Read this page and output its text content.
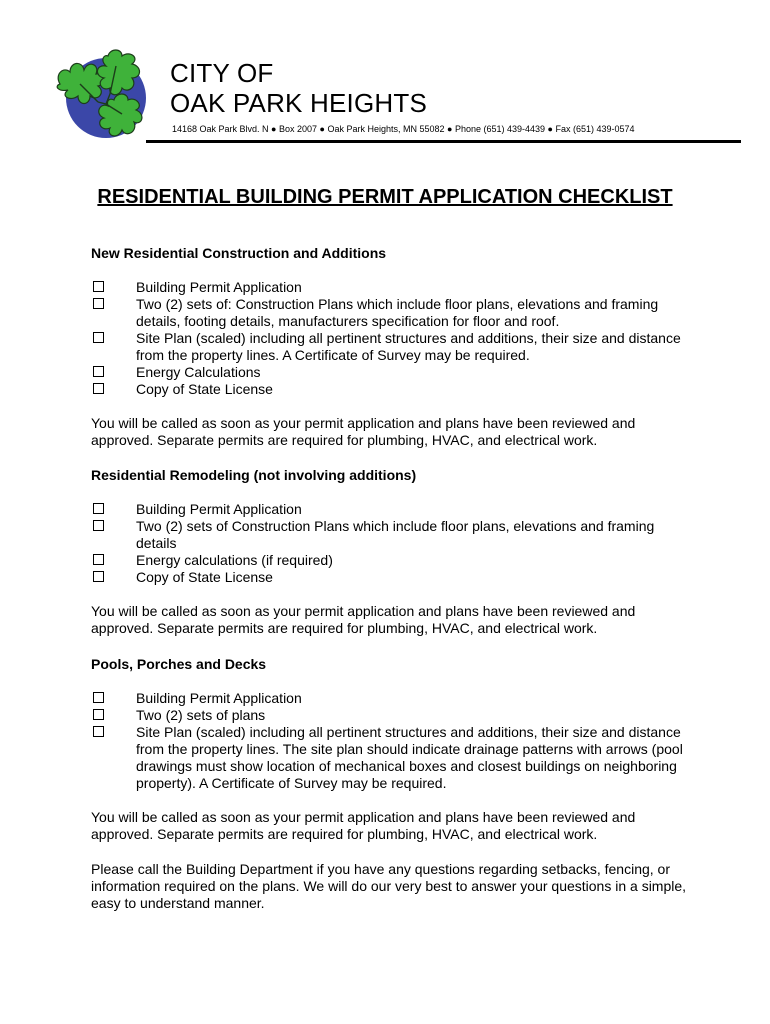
CITY OF
OAK PARK HEIGHTS
14168 Oak Park Blvd. N ● Box 2007 ● Oak Park Heights, MN 55082 ● Phone (651) 439-4439 ● Fax (651) 439-0574
RESIDENTIAL BUILDING PERMIT APPLICATION CHECKLIST
New Residential Construction and Additions
Building Permit Application
Two (2) sets of: Construction Plans which include floor plans, elevations and framing details, footing details, manufacturers specification for floor and roof.
Site Plan (scaled) including all pertinent structures and additions, their size and distance from the property lines. A Certificate of Survey may be required.
Energy Calculations
Copy of State License
You will be called as soon as your permit application and plans have been reviewed and approved. Separate permits are required for plumbing, HVAC, and electrical work.
Residential Remodeling (not involving additions)
Building Permit Application
Two (2) sets of Construction Plans which include floor plans, elevations and framing details
Energy calculations (if required)
Copy of State License
You will be called as soon as your permit application and plans have been reviewed and approved. Separate permits are required for plumbing, HVAC, and electrical work.
Pools, Porches and Decks
Building Permit Application
Two (2) sets of plans
Site Plan (scaled) including all pertinent structures and additions, their size and distance from the property lines. The site plan should indicate drainage patterns with arrows (pool drawings must show location of mechanical boxes and closest buildings on neighboring property). A Certificate of Survey may be required.
You will be called as soon as your permit application and plans have been reviewed and approved. Separate permits are required for plumbing, HVAC, and electrical work.
Please call the Building Department if you have any questions regarding setbacks, fencing, or information required on the plans. We will do our very best to answer your questions in a simple, easy to understand manner.
